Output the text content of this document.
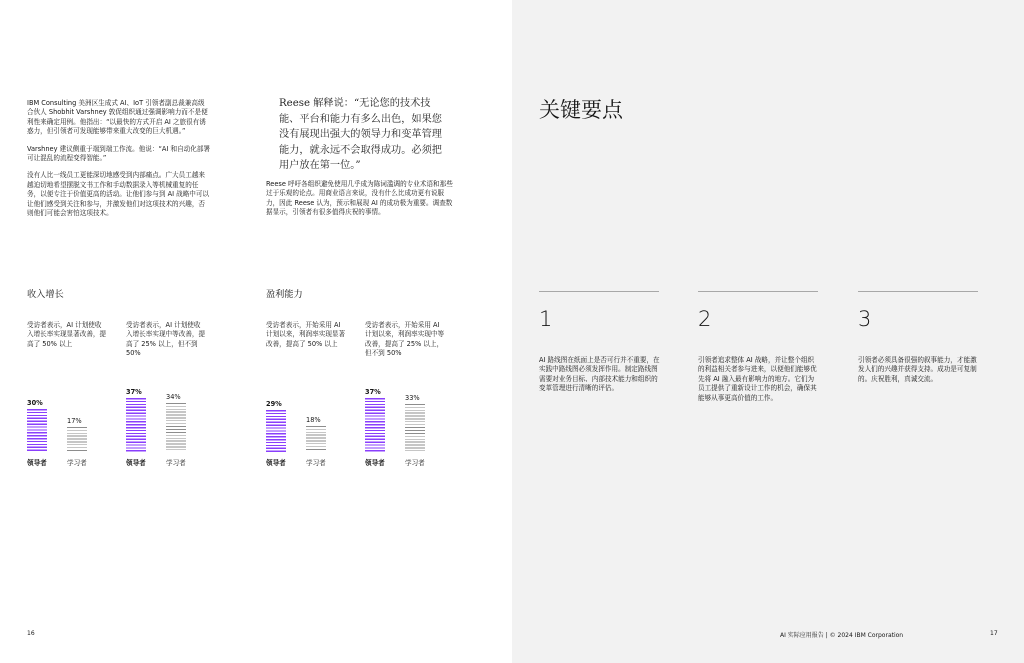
IBM Consulting 美洲区生成式 AI、IoT 引领者副总裁兼高级合伙人 Shobhit Varshney 敦促组织通过强调影响力而不是便利性来确定用例。他指出：“以最快的方式开启 AI 之旅很有诱惑力，但引领者可发现能够带来重大改变的巨大机遇。”

Varshney 建议侧重于端到端工作流。他说：“AI 和自动化部署可让混乱的流程变得智能。”

没有人比一线员工更能深切地感受到内部痛点。广大员工越来越迫切地希望摆脱文书工作和手动数据录入等机械重复的任务，以便专注于价值更高的活动。让他们参与到 AI 战略中可以让他们感受到关注和参与，并激发他们对这项技术的兴趣，否则他们可能会害怕这项技术。

Reese 解释说：“无论您的技术技能、平台和能力有多么出色，如果您没有展现出强大的领导力和变革管理能力，就永远不会取得成功。必须把用户放在第一位。”
Reese 呼吁各组织避免使用几乎成为陈词滥调的专业术语和那些过于乐观的论点。用商业语言来说，没有什么比成功更有说服力，因此 Reese 认为，预示和展现 AI 的成功极为重要。调查数据显示，引领者有很多值得庆祝的事情。
收入增长
受访者表示，AI 计划使收入增长率实现显著改善，提高了 50% 以上
受访者表示，AI 计划使收入增长率实现中等改善，提高了 25% 以上，但不到 50%
盈利能力
受访者表示，开始采用 AI 计划以来，利润率实现显著改善，提高了 50% 以上
受访者表示，开始采用 AI 计划以来，利润率实现中等改善，提高了 25% 以上，但不到 50%
30%
领导者
17%
学习者
37%
领导者
34%
学习者
29%
领导者
18%
学习者
37%
领导者
33%
学习者
16
关键要点
1	2	3
AI 路线图在纸面上是否可行并不重要，在实践中路线图必须发挥作用。制定路线图需要对业务目标、内部技术能力和组织的变革管理进行清晰的评估。
引领者追求整体 AI 战略，并让整个组织的利益相关者参与进来，以便他们能够优先将 AI 融入最有影响力的地方。它们为员工提供了重新设计工作的机会，确保其能够从事更高价值的工作。
引领者必须具备很强的叙事能力，才能激发人们的兴趣并获得支持。成功是可复制的。庆祝胜利，真诚交流。
AI 实际应用报告 | © 2024 IBM Corporation	17
